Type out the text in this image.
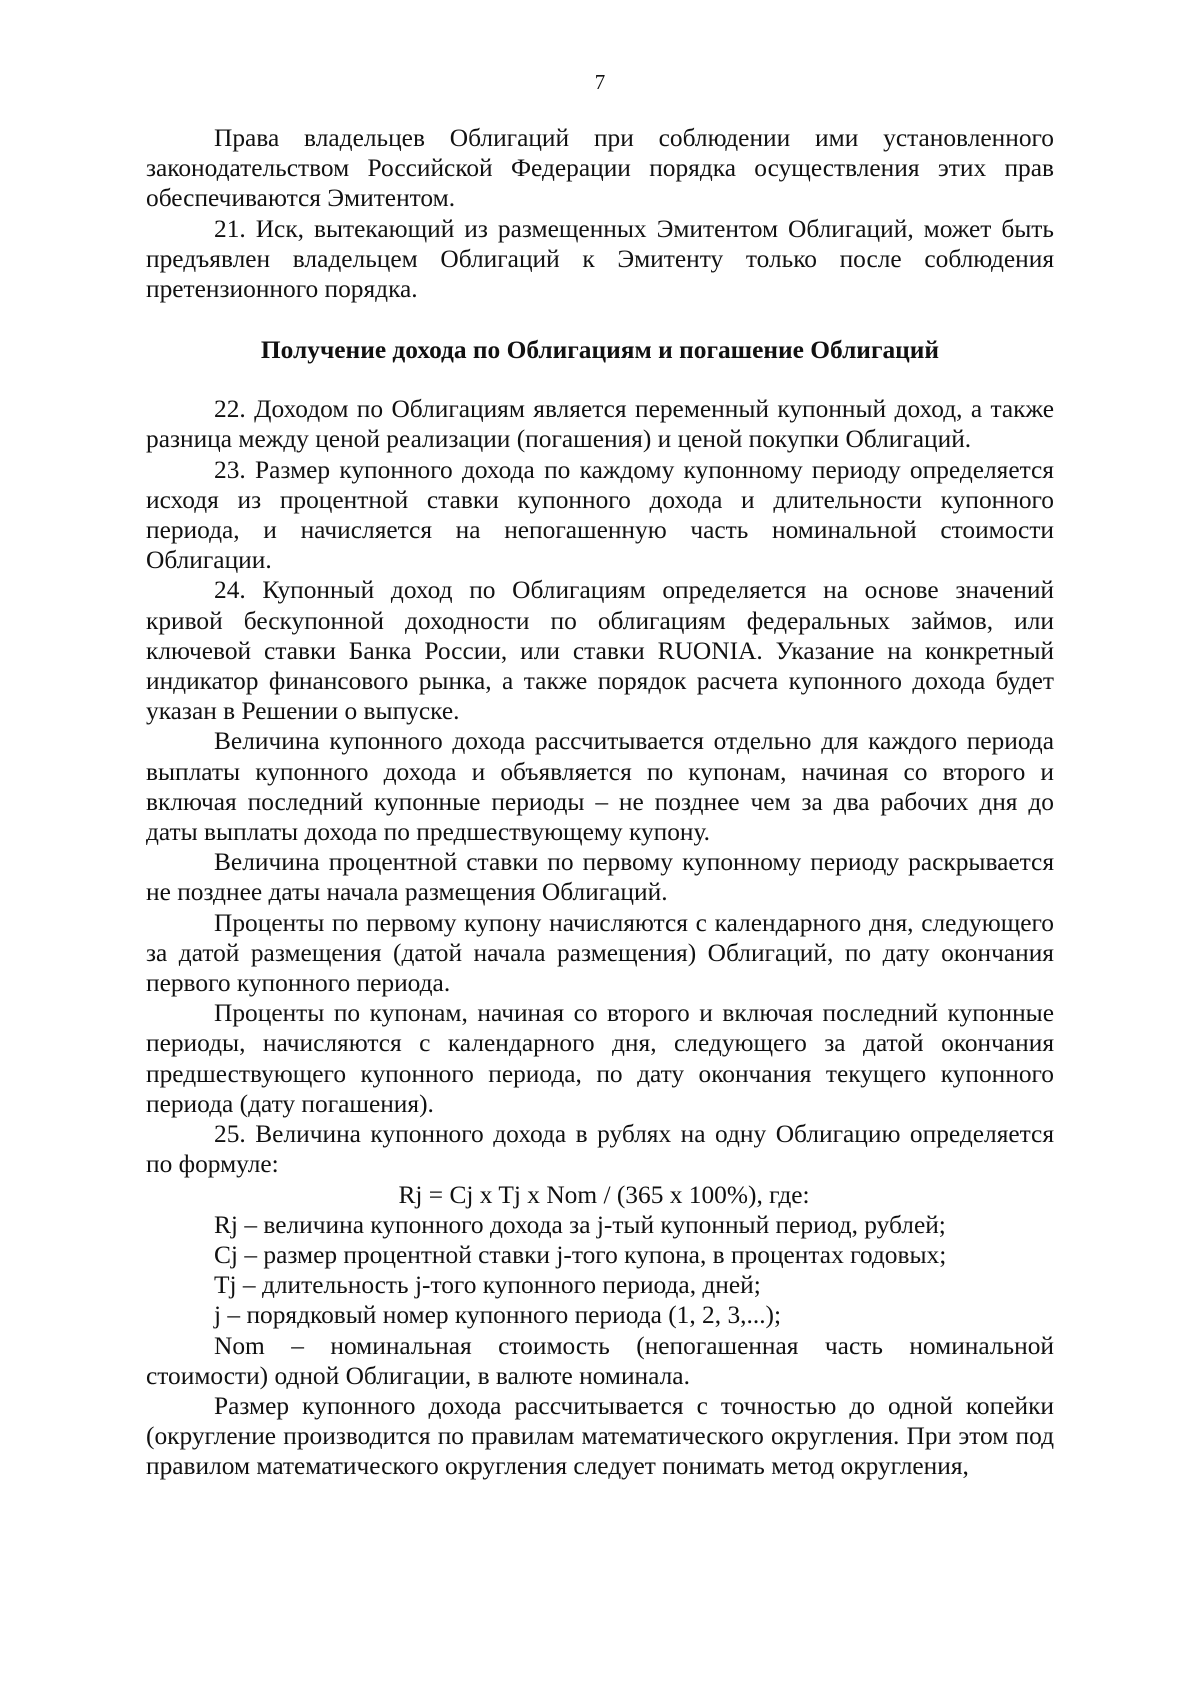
7

Права владельцев Облигаций при соблюдении ими установленного законодательством Российской Федерации порядка осуществления этих прав обеспечиваются Эмитентом.

21. Иск, вытекающий из размещенных Эмитентом Облигаций, может быть предъявлен владельцем Облигаций к Эмитенту только после соблюдения претензионного порядка.

Получение дохода по Облигациям и погашение Облигаций

22. Доходом по Облигациям является переменный купонный доход, а также разница между ценой реализации (погашения) и ценой покупки Облигаций.

23. Размер купонного дохода по каждому купонному периоду определяется исходя из процентной ставки купонного дохода и длительности купонного периода, и начисляется на непогашенную часть номинальной стоимости Облигации.

24. Купонный доход по Облигациям определяется на основе значений кривой бескупонной доходности по облигациям федеральных займов, или ключевой ставки Банка России, или ставки RUONIA. Указание на конкретный индикатор финансового рынка, а также порядок расчета купонного дохода будет указан в Решении о выпуске.

Величина купонного дохода рассчитывается отдельно для каждого периода выплаты купонного дохода и объявляется по купонам, начиная со второго и включая последний купонные периоды – не позднее чем за два рабочих дня до даты выплаты дохода по предшествующему купону.

Величина процентной ставки по первому купонному периоду раскрывается не позднее даты начала размещения Облигаций.

Проценты по первому купону начисляются с календарного дня, следующего за датой размещения (датой начала размещения) Облигаций, по дату окончания первого купонного периода.

Проценты по купонам, начиная со второго и включая последний купонные периоды, начисляются с календарного дня, следующего за датой окончания предшествующего купонного периода, по дату окончания текущего купонного периода (дату погашения).

25. Величина купонного дохода в рублях на одну Облигацию определяется по формуле:

Rj = Cj x Tj x Nom / (365 x 100%), где:

Rj – величина купонного дохода за j-тый купонный период, рублей;

Cj – размер процентной ставки j-того купона, в процентах годовых;

Tj – длительность j-того купонного периода, дней;

j – порядковый номер купонного периода (1, 2, 3,...);

Nom – номинальная стоимость (непогашенная часть номинальной стоимости) одной Облигации, в валюте номинала.

Размер купонного дохода рассчитывается с точностью до одной копейки (округление производится по правилам математического округления. При этом под правилом математического округления следует понимать метод округления,
